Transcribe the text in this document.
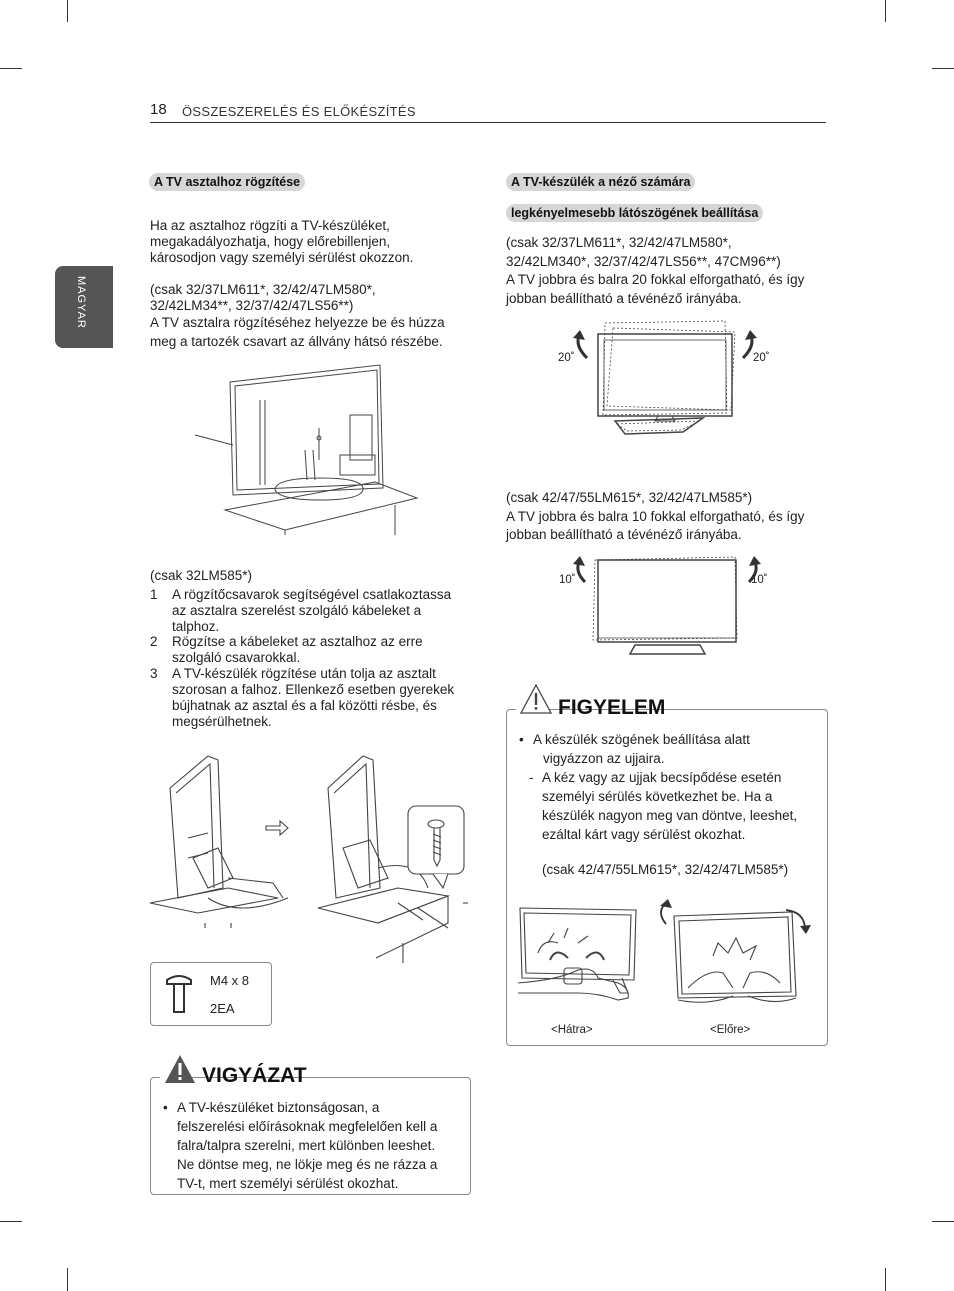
18 ÖSSZESZERELÉS ÉS ELŐKÉSZÍTÉS
MAGYAR
A TV asztalhoz rögzítése
Ha az asztalhoz rögzíti a TV-készüléket,
megakadályozhatja, hogy előrebillenjen,
károsodjon vagy személyi sérülést okozzon.
(csak 32/37LM611*, 32/42/47LM580*,
32/42LM34**, 32/37/42/47LS56**)
A TV asztalra rögzítéséhez helyezze be és húzza
meg a tartozék csavart az állvány hátsó részébe.
(csak 32LM585*)
1 A rögzítőcsavarok segítségével csatlakoztassa
az asztalra szerelést szolgáló kábeleket a
talphoz.
2 Rögzítse a kábeleket az asztalhoz az erre
szolgáló csavarokkal.
3 A TV-készülék rögzítése után tolja az asztalt
szorosan a falhoz. Ellenkező esetben gyerekek
bújhatnak az asztal és a fal közötti résbe, és
megsérülhetnek.
M4 x 8
2EA
VIGYÁZAT
• A TV-készüléket biztonságosan, a
felszerelési előírásoknak megfelelően kell a
falra/talpra szerelni, mert különben leeshet.
Ne döntse meg, ne lökje meg és ne rázza a
TV-t, mert személyi sérülést okozhat.
A TV-készülék a néző számára
legkényelmesebb látószögének beállítása
(csak 32/37LM611*, 32/42/47LM580*,
32/42LM340*, 32/37/42/47LS56**, 47CM96**)
A TV jobbra és balra 20 fokkal elforgatható, és így
jobban beállítható a tévénéző irányába.
20˚	20˚
(csak 42/47/55LM615*, 32/42/47LM585*)
A TV jobbra és balra 10 fokkal elforgatható, és így
jobban beállítható a tévénéző irányába.
10˚	10˚
FIGYELEM
• A készülék szögének beállítása alatt
vigyázzon az ujjaira.
- A kéz vagy az ujjak becsípődése esetén
személyi sérülés következhet be. Ha a
készülék nagyon meg van döntve, leeshet,
ezáltal kárt vagy sérülést okozhat.
(csak 42/47/55LM615*, 32/42/47LM585*)
<Hátra>	<Előre>
